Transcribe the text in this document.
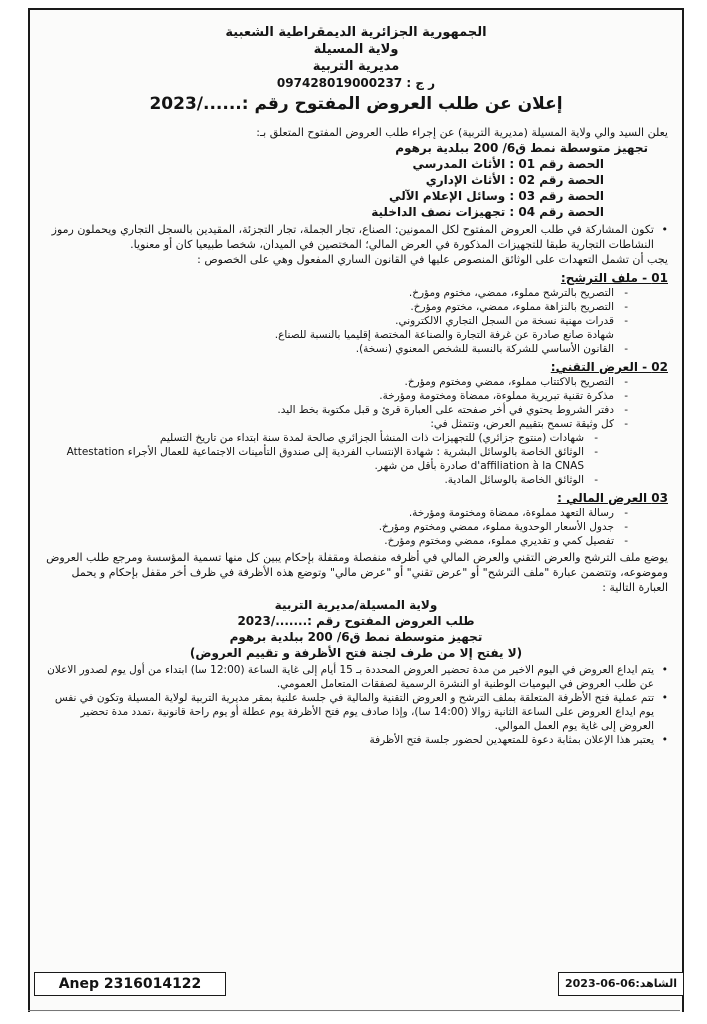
الجمهورية الجزائرية الديمقراطية الشعبية
ولاية المسيلة
مديرية التربية
ر ج : 097428019000237
إعلان عن طلب العروض المفتوح رقم :....../2023
يعلن السيد والي ولاية المسيلة (مديرية التربية) عن إجراء طلب العروض المفتوح المتعلق بـ:
تجهيز متوسطة نمط ق6/ 200 ببلدية برهوم
الحصة رقم 01 : الأثاث المدرسي
الحصة رقم 02 : الأثاث الإداري
الحصة رقم 03 : وسائل الإعلام الآلي
الحصة رقم 04 : تجهيزات نصف الداخلية
• تكون المشاركة في طلب العروض المفتوح لكل الممونين: الصناع، تجار الجملة، تجار التجزئة، المقيدين بالسجل التجاري ويحملون رموز النشاطات التجارية طبقا للتجهيزات المذكورة في العرض المالي؛ المختصين في الميدان، شخصا طبيعيا كان أو معنويا.
يجب أن تشمل التعهدات على الوثائق المنصوص عليها في القانون الساري المفعول وهي على الخصوص :
01 - ملف الترشح:
- التصريح بالترشح مملوء، ممضي، مختوم ومؤرخ.
- التصريح بالنزاهة مملوء، ممضي، مختوم ومؤرخ.
- قدرات مهنية نسخة من السجل التجاري الالكتروني.
شهادة صانع صادرة عن غرفة التجارة والصناعة المختصة إقليميا بالنسبة للصناع.
- القانون الأساسي للشركة بالنسبة للشخص المعنوي (نسخة).
02 - العرض التقني:
- التصريح بالاكتتاب مملوء، ممضي ومختوم ومؤرخ.
- مذكرة تقنية تبريرية مملوءة، ممضاة ومختومة ومؤرخة.
- دفتر الشروط يحتوي في أخر صفحته على العبارة قرئ و قبل مكتوبة بخط اليد.
- كل وثيقة تسمح بتقييم العرض، وتتمثل في:
- شهادات (منتوج جزائري) للتجهيزات ذات المنشأ الجزائري صالحة لمدة سنة ابتداء من تاريخ التسليم
- الوثائق الخاصة بالوسائل البشرية : شهادة الإنتساب الفردية إلى صندوق التأمينات الاجتماعية للعمال الأجراء Attestation d'affiliation à la CNAS صادرة بأقل من شهر.
- الوثائق الخاصة بالوسائل المادية.
03 العرض المالي :
- رسالة التعهد مملوءة، ممضاة ومختومة ومؤرخة.
- جدول الأسعار الوحدوية مملوء، ممضي ومختوم ومؤرخ.
- تفصيل كمي و تقديري مملوء، ممضي ومختوم ومؤرخ.
يوضع ملف الترشح والعرض التقني والعرض المالي في أظرفه منفصلة ومقفلة بإحكام يبين كل منها تسمية المؤسسة ومرجع طلب العروض وموضوعه، وتتضمن عبارة "ملف الترشح" أو "عرض تقني" أو "عرض مالي" وتوضع هذه الأظرفة في ظرف أخر مقفل بإحكام و يحمل العبارة التالية :
ولاية المسيلة/مديرية التربية
طلب العروض المفتوح رقم :......./2023
تجهيز متوسطة نمط ق6/ 200 ببلدية برهوم
(لا يفتح إلا من طرف لجنة فتح الأظرفة و تقييم العروض)
• يتم ايداع العروض في اليوم الاخير من مدة تحضير العروض المحددة بـ 15 أيام إلى غاية الساعة (12:00 سا) ابتداء من أول يوم لصدور الاعلان عن طلب العروض في اليوميات الوطنية او النشرة الرسمية لصفقات المتعامل العمومي.
• تتم عملية فتح الأظرفة المتعلقة بملف الترشح و العروض التقنية والمالية في جلسة علنية بمقر مديرية التربية لولاية المسيلة وتكون في نفس يوم ايداع العروض على الساعة الثانية زوالا (14:00 سا)، وإذا صادف يوم فتح الأظرفة يوم عطلة أو يوم راحة قانونية ،تمدد مدة تحضير العروض إلى غاية يوم العمل الموالي.
• يعتبر هذا الإعلان بمثابة دعوة للمتعهدين لحضور جلسة فتح الأظرفة
Anep 2316014122	الشاهد:06-06-2023
